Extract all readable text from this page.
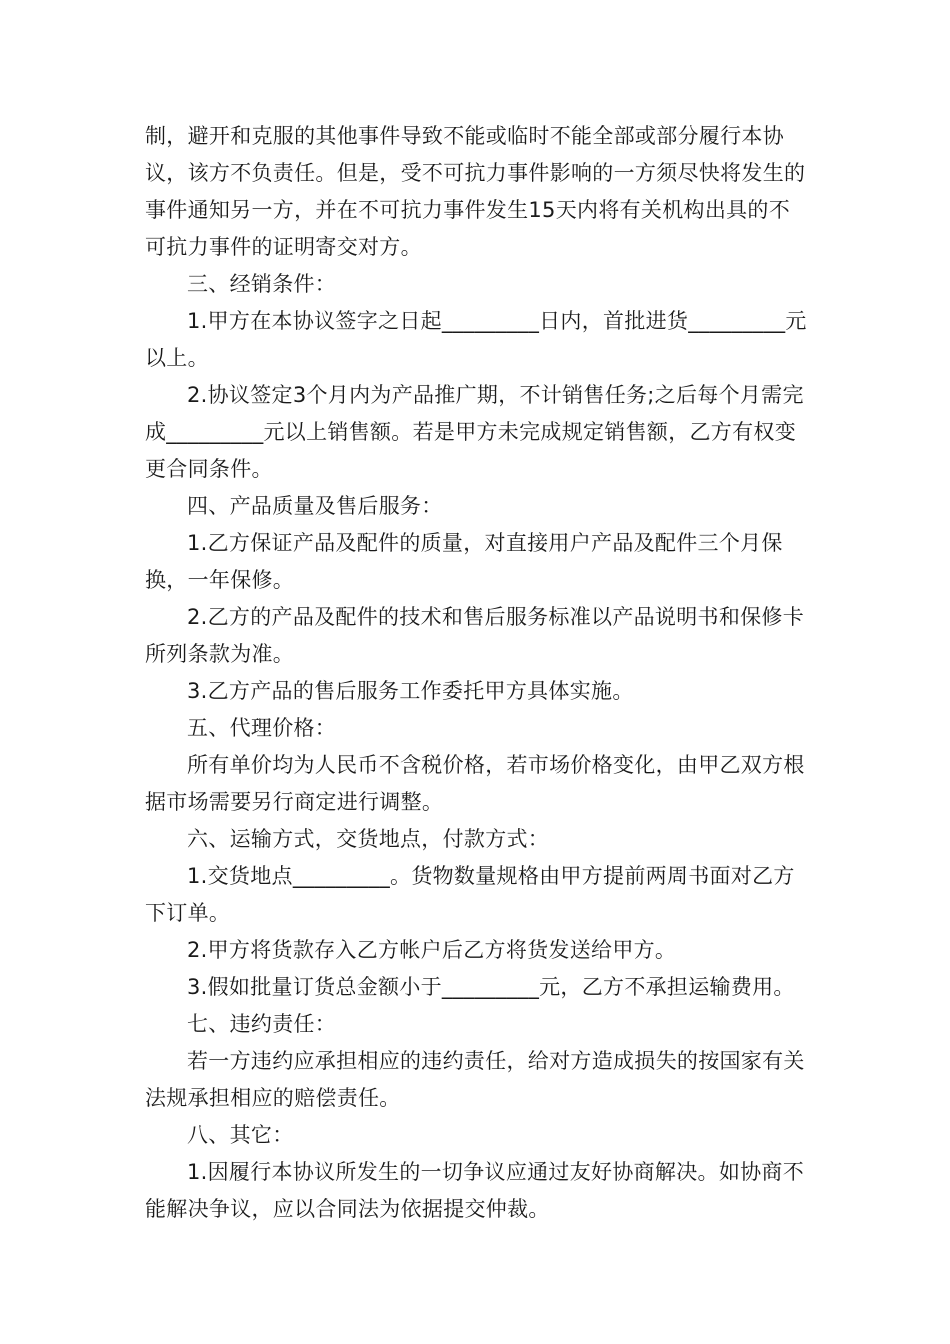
制，避开和克服的其他事件导致不能或临时不能全部或部分履行本协议，该方不负责任。但是，受不可抗力事件影响的一方须尽快将发生的事件通知另一方，并在不可抗力事件发生15天内将有关机构出具的不可抗力事件的证明寄交对方。

三、经销条件：

1.甲方在本协议签字之日起_________日内，首批进货_________元以上。

2.协议签定3个月内为产品推广期，不计销售任务;之后每个月需完成_________元以上销售额。若是甲方未完成规定销售额，乙方有权变更合同条件。

四、产品质量及售后服务：

1.乙方保证产品及配件的质量，对直接用户产品及配件三个月保换，一年保修。

2.乙方的产品及配件的技术和售后服务标准以产品说明书和保修卡所列条款为准。

3.乙方产品的售后服务工作委托甲方具体实施。

五、代理价格：

所有单价均为人民币不含税价格，若市场价格变化，由甲乙双方根据市场需要另行商定进行调整。

六、运输方式，交货地点，付款方式：

1.交货地点_________。货物数量规格由甲方提前两周书面对乙方下订单。

2.甲方将货款存入乙方帐户后乙方将货发送给甲方。

3.假如批量订货总金额小于_________元，乙方不承担运输费用。

七、违约责任：

若一方违约应承担相应的违约责任，给对方造成损失的按国家有关法规承担相应的赔偿责任。

八、其它：

1.因履行本协议所发生的一切争议应通过友好协商解决。如协商不能解决争议，应以合同法为依据提交仲裁。
